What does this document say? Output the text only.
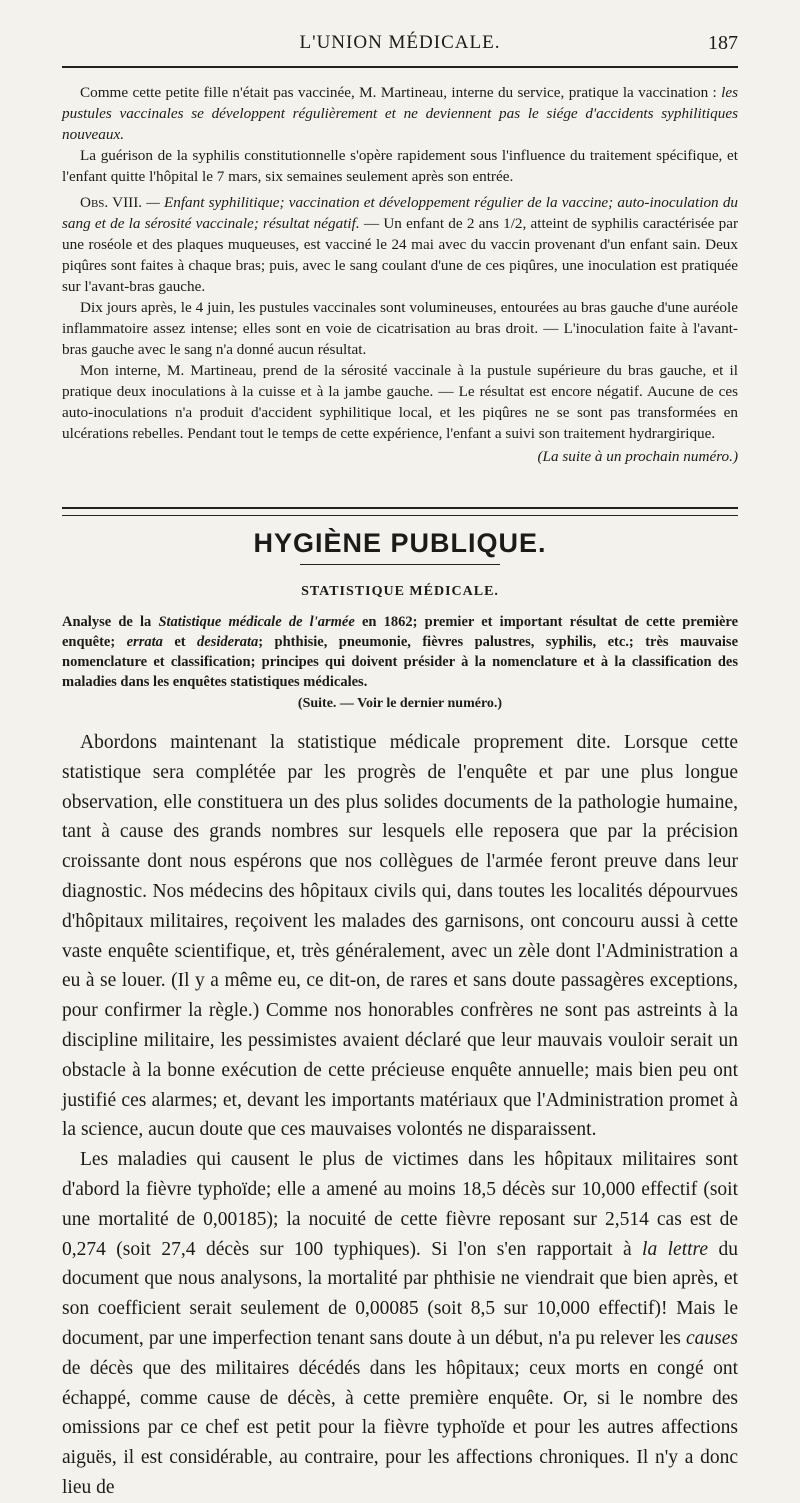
L'UNION MÉDICALE.	187

Comme cette petite fille n'était pas vaccinée, M. Martineau, interne du service, pratique la vaccination : les pustules vaccinales se développent régulièrement et ne deviennent pas le siége d'accidents syphilitiques nouveaux.

La guérison de la syphilis constitutionnelle s'opère rapidement sous l'influence du traitement spécifique, et l'enfant quitte l'hôpital le 7 mars, six semaines seulement après son entrée.

Obs. VIII. — Enfant syphilitique; vaccination et développement régulier de la vaccine; auto-inoculation du sang et de la sérosité vaccinale; résultat négatif. — Un enfant de 2 ans 1/2, atteint de syphilis caractérisée par une roséole et des plaques muqueuses, est vacciné le 24 mai avec du vaccin provenant d'un enfant sain. Deux piqûres sont faites à chaque bras; puis, avec le sang coulant d'une de ces piqûres, une inoculation est pratiquée sur l'avant-bras gauche.

Dix jours après, le 4 juin, les pustules vaccinales sont volumineuses, entourées au bras gauche d'une auréole inflammatoire assez intense; elles sont en voie de cicatrisation au bras droit. — L'inoculation faite à l'avant-bras gauche avec le sang n'a donné aucun résultat.

Mon interne, M. Martineau, prend de la sérosité vaccinale à la pustule supérieure du bras gauche, et il pratique deux inoculations à la cuisse et à la jambe gauche. — Le résultat est encore négatif. Aucune de ces auto-inoculations n'a produit d'accident syphilitique local, et les piqûres ne se sont pas transformées en ulcérations rebelles. Pendant tout le temps de cette expérience, l'enfant a suivi son traitement hydrargirique.

(La suite à un prochain numéro.)

HYGIÈNE PUBLIQUE.
STATISTIQUE MÉDICALE.

Analyse de la Statistique médicale de l'armée en 1862; premier et important résultat de cette première enquête; errata et desiderata; phthisie, pneumonie, fièvres palustres, syphilis, etc.; très mauvaise nomenclature et classification; principes qui doivent présider à la nomenclature et à la classification des maladies dans les enquêtes statistiques médicales.

(Suite. — Voir le dernier numéro.)

Abordons maintenant la statistique médicale proprement dite. Lorsque cette statistique sera complétée par les progrès de l'enquête et par une plus longue observation, elle constituera un des plus solides documents de la pathologie humaine, tant à cause des grands nombres sur lesquels elle reposera que par la précision croissante dont nous espérons que nos collègues de l'armée feront preuve dans leur diagnostic. Nos médecins des hôpitaux civils qui, dans toutes les localités dépourvues d'hôpitaux militaires, reçoivent les malades des garnisons, ont concouru aussi à cette vaste enquête scientifique, et, très généralement, avec un zèle dont l'Administration a eu à se louer. (Il y a même eu, ce dit-on, de rares et sans doute passagères exceptions, pour confirmer la règle.) Comme nos honorables confrères ne sont pas astreints à la discipline militaire, les pessimistes avaient déclaré que leur mauvais vouloir serait un obstacle à la bonne exécution de cette précieuse enquête annuelle; mais bien peu ont justifié ces alarmes; et, devant les importants matériaux que l'Administration promet à la science, aucun doute que ces mauvaises volontés ne disparaissent.

Les maladies qui causent le plus de victimes dans les hôpitaux militaires sont d'abord la fièvre typhoïde; elle a amené au moins 18,5 décès sur 10,000 effectif (soit une mortalité de 0,00185); la nocuité de cette fièvre reposant sur 2,514 cas est de 0,274 (soit 27,4 décès sur 100 typhiques). Si l'on s'en rapportait à la lettre du document que nous analysons, la mortalité par phthisie ne viendrait que bien après, et son coefficient serait seulement de 0,00085 (soit 8,5 sur 10,000 effectif)! Mais le document, par une imperfection tenant sans doute à un début, n'a pu relever les causes de décès que des militaires décédés dans les hôpitaux; ceux morts en congé ont échappé, comme cause de décès, à cette première enquête. Or, si le nombre des omissions par ce chef est petit pour la fièvre typhoïde et pour les autres affections aiguës, il est considérable, au contraire, pour les affections chroniques. Il n'y a donc lieu de
